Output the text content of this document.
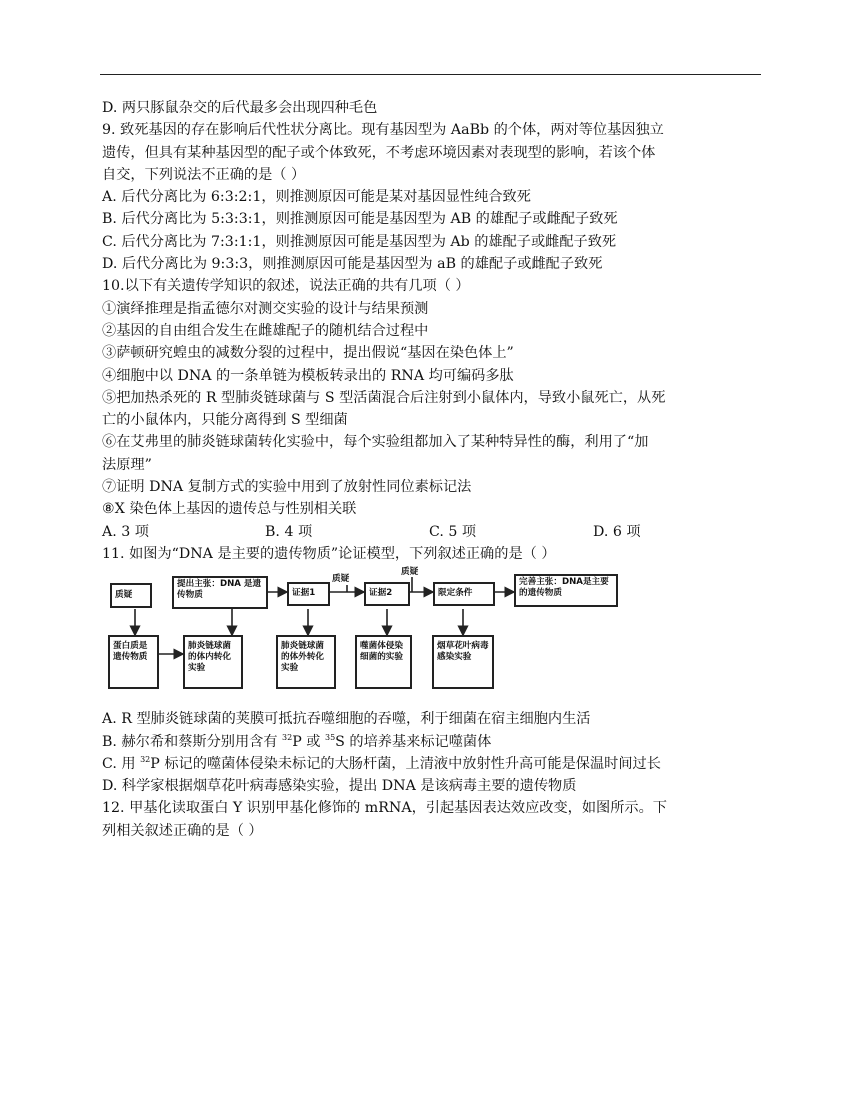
D. 两只豚鼠杂交的后代最多会出现四种毛色
9. 致死基因的存在影响后代性状分离比。现有基因型为 AaBb 的个体，两对等位基因独立
遗传，但具有某种基因型的配子或个体致死，不考虑环境因素对表现型的影响，若该个体
自交，下列说法不正确的是（ ）
A. 后代分离比为 6:3:2:1，则推测原因可能是某对基因显性纯合致死
B. 后代分离比为 5:3:3:1，则推测原因可能是基因型为 AB 的雄配子或雌配子致死
C. 后代分离比为 7:3:1:1，则推测原因可能是基因型为 Ab 的雄配子或雌配子致死
D. 后代分离比为 9:3:3，则推测原因可能是基因型为 aB 的雄配子或雌配子致死
10.以下有关遗传学知识的叙述，说法正确的共有几项（ ）
①演绎推理是指孟德尔对测交实验的设计与结果预测
②基因的自由组合发生在雌雄配子的随机结合过程中
③萨顿研究蝗虫的减数分裂的过程中，提出假说“基因在染色体上”
④细胞中以 DNA 的一条单链为模板转录出的 RNA 均可编码多肽
⑤把加热杀死的 R 型肺炎链球菌与 S 型活菌混合后注射到小鼠体内，导致小鼠死亡，从死
亡的小鼠体内，只能分离得到 S 型细菌
⑥在艾弗里的肺炎链球菌转化实验中，每个实验组都加入了某种特异性的酶，利用了“加
法原理”
⑦证明 DNA 复制方式的实验中用到了放射性同位素标记法
⑧X 染色体上基因的遗传总与性别相关联
A. 3 项	B. 4 项	C. 5 项	D. 6 项
11. 如图为“DNA 是主要的遗传物质”论证模型，下列叙述正确的是（ ）
质疑
提出主张：DNA 是遗传物质	证据1	证据2	限定条件
完善主张：DNA是主要的遗传物质
质疑
质疑
蛋白质是遗传物质
肺炎链球菌的体内转化实验
肺炎链球菌的体外转化实验
噬菌体侵染细菌的实验
烟草花叶病毒感染实验
A. R 型肺炎链球菌的荚膜可抵抗吞噬细胞的吞噬，利于细菌在宿主细胞内生活
B. 赫尔希和蔡斯分别用含有 $^{32}$P 或 $^{35}$S 的培养基来标记噬菌体
C. 用 $^{32}$P 标记的噬菌体侵染未标记的大肠杆菌，上清液中放射性升高可能是保温时间过长
D. 科学家根据烟草花叶病毒感染实验，提出 DNA 是该病毒主要的遗传物质
12. 甲基化读取蛋白 Y 识别甲基化修饰的 mRNA，引起基因表达效应改变，如图所示。下
列相关叙述正确的是（ ）
